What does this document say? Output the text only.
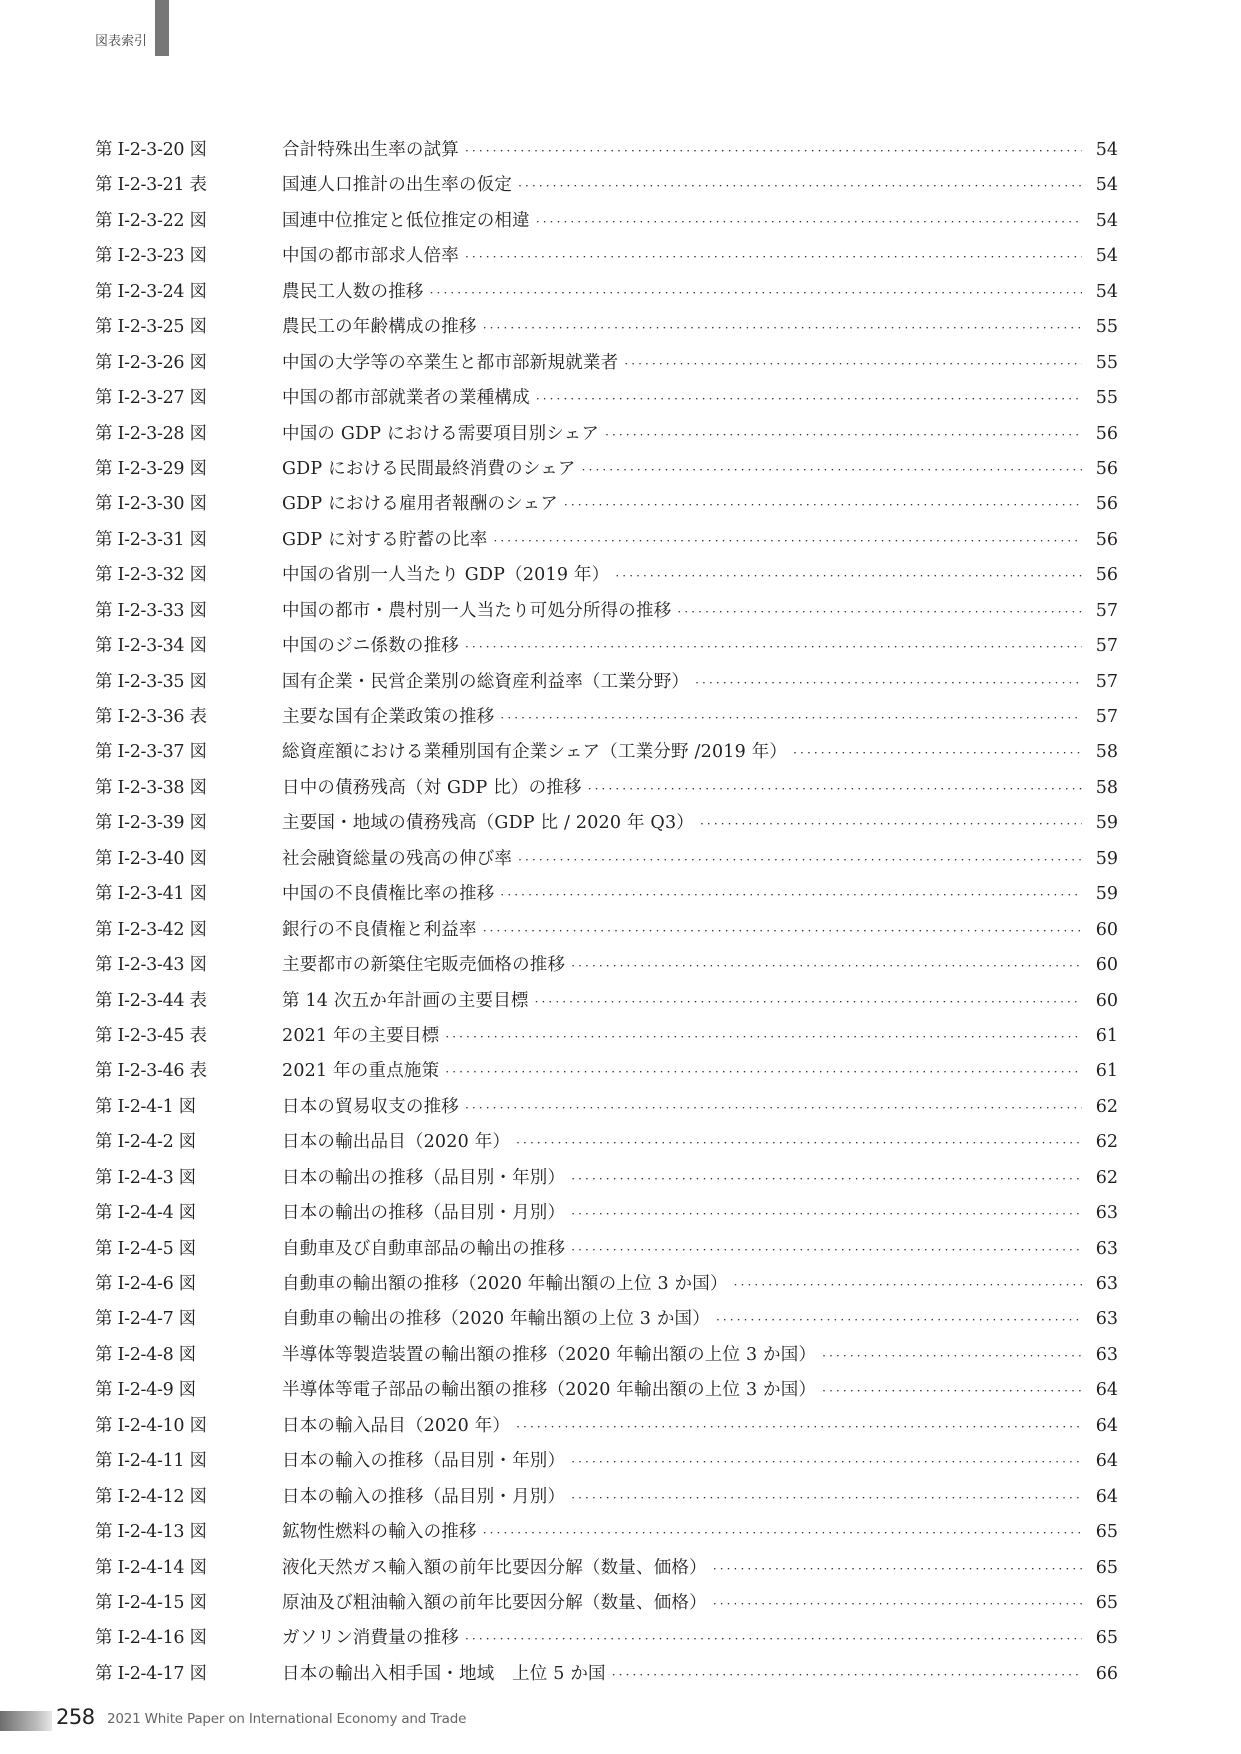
図表索引
第 I-2-3-20 図	合計特殊出生率の試算 ·····	54
第 I-2-3-21 表	国連人口推計の出生率の仮定 ·····	54
第 I-2-3-22 図	国連中位推定と低位推定の相違 ·····	54
第 I-2-3-23 図	中国の都市部求人倍率 ·····	54
第 I-2-3-24 図	農民工人数の推移 ·····	54
第 I-2-3-25 図	農民工の年齢構成の推移 ·····	55
第 I-2-3-26 図	中国の大学等の卒業生と都市部新規就業者 ·····	55
第 I-2-3-27 図	中国の都市部就業者の業種構成 ·····	55
第 I-2-3-28 図	中国の GDP における需要項目別シェア ·····	56
第 I-2-3-29 図	GDP における民間最終消費のシェア ·····	56
第 I-2-3-30 図	GDP における雇用者報酬のシェア ·····	56
第 I-2-3-31 図	GDP に対する貯蓄の比率 ·····	56
第 I-2-3-32 図	中国の省別一人当たり GDP（2019 年） ·····	56
第 I-2-3-33 図	中国の都市・農村別一人当たり可処分所得の推移 ·····	57
第 I-2-3-34 図	中国のジニ係数の推移 ·····	57
第 I-2-3-35 図	国有企業・民営企業別の総資産利益率（工業分野） ·····	57
第 I-2-3-36 表	主要な国有企業政策の推移 ·····	57
第 I-2-3-37 図	総資産額における業種別国有企業シェア（工業分野 /2019 年） ·····	58
第 I-2-3-38 図	日中の債務残高（対 GDP 比）の推移 ·····	58
第 I-2-3-39 図	主要国・地域の債務残高（GDP 比 / 2020 年 Q3） ·····	59
第 I-2-3-40 図	社会融資総量の残高の伸び率 ·····	59
第 I-2-3-41 図	中国の不良債権比率の推移 ·····	59
第 I-2-3-42 図	銀行の不良債権と利益率 ·····	60
第 I-2-3-43 図	主要都市の新築住宅販売価格の推移 ·····	60
第 I-2-3-44 表	第 14 次五か年計画の主要目標 ·····	60
第 I-2-3-45 表	2021 年の主要目標 ·····	61
第 I-2-3-46 表	2021 年の重点施策 ·····	61
第 I-2-4-1 図	日本の貿易収支の推移 ·····	62
第 I-2-4-2 図	日本の輸出品目（2020 年） ·····	62
第 I-2-4-3 図	日本の輸出の推移（品目別・年別） ·····	62
第 I-2-4-4 図	日本の輸出の推移（品目別・月別） ·····	63
第 I-2-4-5 図	自動車及び自動車部品の輸出の推移 ·····	63
第 I-2-4-6 図	自動車の輸出額の推移（2020 年輸出額の上位 3 か国） ·····	63
第 I-2-4-7 図	自動車の輸出の推移（2020 年輸出額の上位 3 か国） ·····	63
第 I-2-4-8 図	半導体等製造装置の輸出額の推移（2020 年輸出額の上位 3 か国） ·····	63
第 I-2-4-9 図	半導体等電子部品の輸出額の推移（2020 年輸出額の上位 3 か国） ·····	64
第 I-2-4-10 図	日本の輸入品目（2020 年） ·····	64
第 I-2-4-11 図	日本の輸入の推移（品目別・年別） ·····	64
第 I-2-4-12 図	日本の輸入の推移（品目別・月別） ·····	64
第 I-2-4-13 図	鉱物性燃料の輸入の推移 ·····	65
第 I-2-4-14 図	液化天然ガス輸入額の前年比要因分解（数量、価格） ·····	65
第 I-2-4-15 図	原油及び粗油輸入額の前年比要因分解（数量、価格） ·····	65
第 I-2-4-16 図	ガソリン消費量の推移 ·····	65
第 I-2-4-17 図	日本の輸出入相手国・地域　上位 5 か国 ·····	66
258 2021 White Paper on International Economy and Trade
